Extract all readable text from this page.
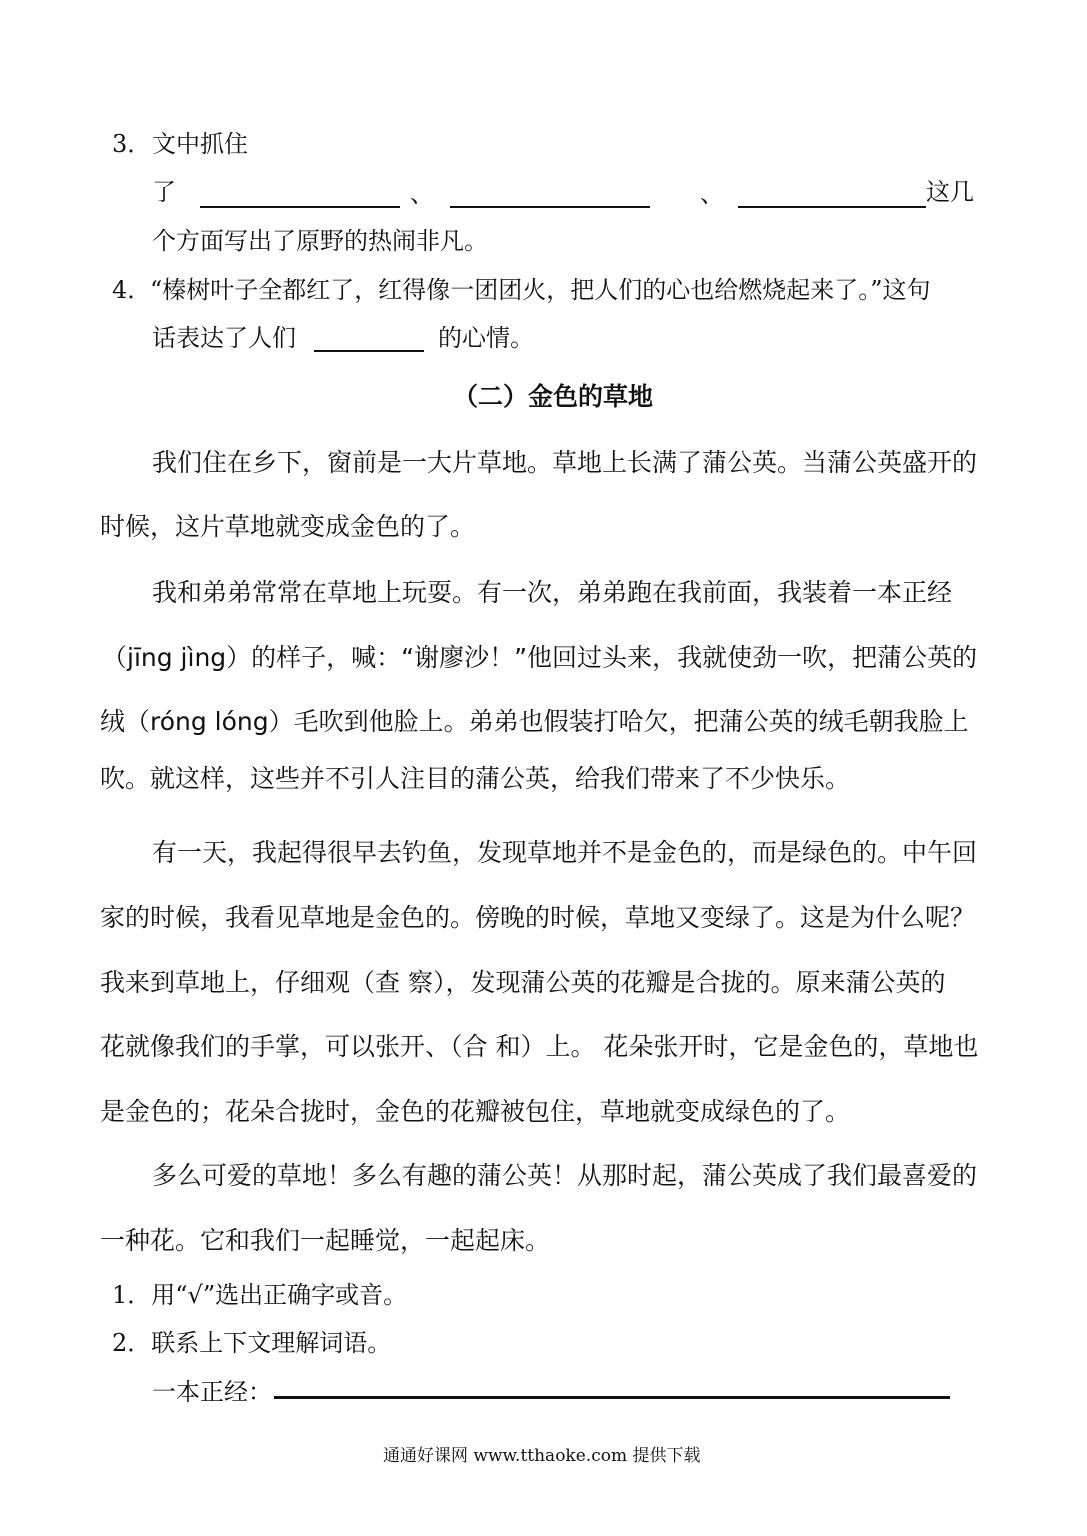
3． 文中抓住
了	、	、	这几
个方面写出了原野的热闹非凡。
4．
“榛树叶子全都红了，红得像一团团火，把人们的心也给燃烧起来了。”这句
话表达了人们	的心情。
（二）金色的草地
我们住在乡下，窗前是一大片草地。草地上长满了蒲公英。当蒲公英盛开的
时候，这片草地就变成金色的了。
我和弟弟常常在草地上玩耍。有一次，弟弟跑在我前面，我装着一本正经
（jīng jìng）的样子，喊：“谢廖沙！”他回过头来，我就使劲一吹，把蒲公英的
绒（róng lóng）毛吹到他脸上。弟弟也假装打哈欠，把蒲公英的绒毛朝我脸上
吹。就这样，这些并不引人注目的蒲公英，给我们带来了不少快乐。
有一天，我起得很早去钓鱼，发现草地并不是金色的，而是绿色的。中午回
家的时候，我看见草地是金色的。傍晚的时候，草地又变绿了。这是为什么呢？
我来到草地上，仔细观（查 察），发现蒲公英的花瓣是合拢的。原来蒲公英的
花就像我们的手掌，可以张开、（合 和）上。 花朵张开时，它是金色的，草地也
是金色的；花朵合拢时，金色的花瓣被包住，草地就变成绿色的了。
多么可爱的草地！多么有趣的蒲公英！从那时起，蒲公英成了我们最喜爱的
一种花。它和我们一起睡觉，一起起床。
1．用“√”选出正确字或音。
2．联系上下文理解词语。
一本正经：
通通好课网 www.tthaoke.com 提供下载
